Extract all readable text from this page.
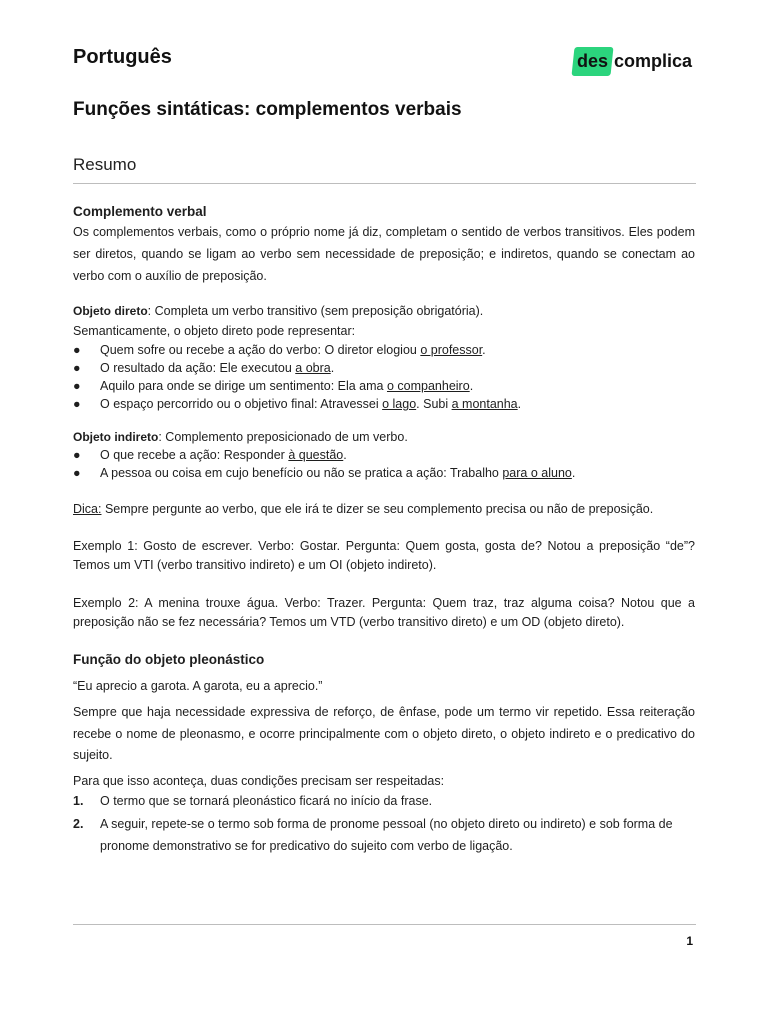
Português	des complica
Funções sintáticas: complementos verbais
Resumo

Complemento verbal

Os complementos verbais, como o próprio nome já diz, completam o sentido de verbos transitivos. Eles podem ser diretos, quando se ligam ao verbo sem necessidade de preposição; e indiretos, quando se conectam ao verbo com o auxílio de preposição.

Objeto direto: Completa um verbo transitivo (sem preposição obrigatória).

Semanticamente, o objeto direto pode representar:

● Quem sofre ou recebe a ação do verbo: O diretor elogiou o professor.
● O resultado da ação: Ele executou a obra.
● Aquilo para onde se dirige um sentimento: Ela ama o companheiro.
● O espaço percorrido ou o objetivo final: Atravessei o lago. Subi a montanha.

Objeto indireto: Complemento preposicionado de um verbo.

● O que recebe a ação: Responder à questão.
● A pessoa ou coisa em cujo benefício ou não se pratica a ação: Trabalho para o aluno.

Dica: Sempre pergunte ao verbo, que ele irá te dizer se seu complemento precisa ou não de preposição.

Exemplo 1: Gosto de escrever. Verbo: Gostar. Pergunta: Quem gosta, gosta de? Notou a preposição “de”? Temos um VTI (verbo transitivo indireto) e um OI (objeto indireto).

Exemplo 2: A menina trouxe água. Verbo: Trazer. Pergunta: Quem traz, traz alguma coisa? Notou que a preposição não se fez necessária? Temos um VTD (verbo transitivo direto) e um OD (objeto direto).

Função do objeto pleonástico

“Eu aprecio a garota. A garota, eu a aprecio.”

Sempre que haja necessidade expressiva de reforço, de ênfase, pode um termo vir repetido. Essa reiteração recebe o nome de pleonasmo, e ocorre principalmente com o objeto direto, o objeto indireto e o predicativo do sujeito.

Para que isso aconteça, duas condições precisam ser respeitadas:

1. O termo que se tornará pleonástico ficará no início da frase.
2. A seguir, repete-se o termo sob forma de pronome pessoal (no objeto direto ou indireto) e sob forma de pronome demonstrativo se for predicativo do sujeito com verbo de ligação.
1
